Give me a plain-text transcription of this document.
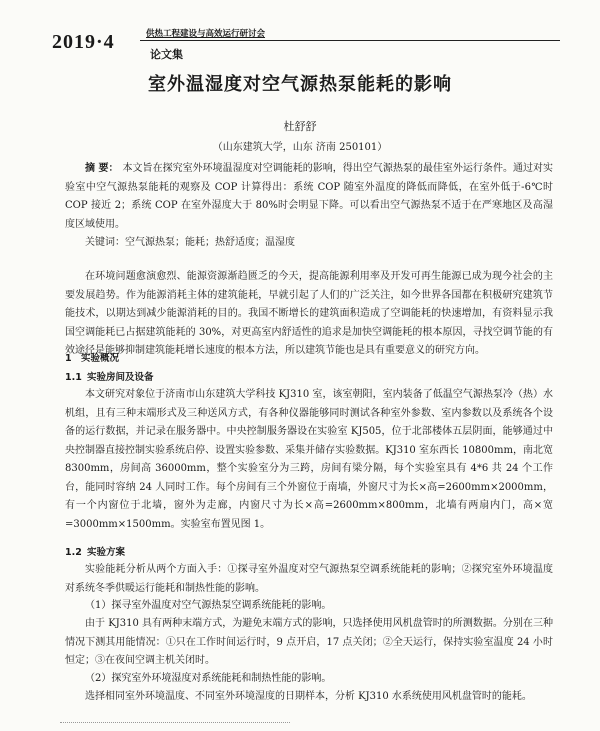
2019·4	供热工程建设与高效运行研讨会
论文集
室外温湿度对空气源热泵能耗的影响
杜舒舒
（山东建筑大学，山东 济南 250101）
摘 要： 本文旨在探究室外环境温湿度对空调能耗的影响，得出空气源热泵的最佳室外运行条件。通过对实验室中空气源热泵能耗的观察及 COP 计算得出：系统 COP 随室外温度的降低而降低，在室外低于-6℃时 COP 接近 2；系统 COP 在室外湿度大于 80%时会明显下降。可以看出空气源热泵不适于在严寒地区及高湿度区域使用。
关键词：空气源热泵；能耗；热舒适度；温湿度
在环境问题愈演愈烈、能源资源渐趋匮乏的今天，提高能源利用率及开发可再生能源已成为现今社会的主要发展趋势。作为能源消耗主体的建筑能耗，早就引起了人们的广泛关注，如今世界各国都在积极研究建筑节能技术，以期达到减少能源消耗的目的。我国不断增长的建筑面积造成了空调能耗的快速增加，有资料显示我国空调能耗已占据建筑能耗的 30%，对更高室内舒适性的追求是加快空调能耗的根本原因，寻找空调节能的有效途径是能够抑制建筑能耗增长速度的根本方法，所以建筑节能也是具有重要意义的研究方向。
1 实验概况
1.1 实验房间及设备
本文研究对象位于济南市山东建筑大学科技 KJ310 室，该室朝阳，室内装备了低温空气源热泵冷（热）水机组，且有三种末端形式及三种送风方式，有各种仪器能够同时测试各种室外参数、室内参数以及系统各个设备的运行数据，并记录在服务器中。中央控制服务器设在实验室 KJ505，位于北部楼体五层阴面，能够通过中央控制器直接控制实验系统启停、设置实验参数、采集并储存实验数据。KJ310 室东西长 10800mm，南北宽 8300mm，房间高 36000mm，整个实验室分为三跨，房间有梁分隔，每个实验室具有 4*6 共 24 个工作台，能同时容纳 24 人同时工作。每个房间有三个外窗位于南墙，外窗尺寸为长×高=2600mm×2000mm，有一个内窗位于北墙，窗外为走廊，内窗尺寸为长×高=2600mm×800mm，北墙有两扇内门，高×宽=3000mm×1500mm。实验室布置见图 1。
1.2 实验方案
实验能耗分析从两个方面入手：①探寻室外温度对空气源热泵空调系统能耗的影响；②探究室外环境温度对系统冬季供暖运行能耗和制热性能的影响。
（1）探寻室外温度对空气源热泵空调系统能耗的影响。
由于 KJ310 具有两种末端方式，为避免末端方式的影响，只选择使用风机盘管时的所测数据。分别在三种情况下测其用能情况：①只在工作时间运行时，9 点开启，17 点关闭；②全天运行，保持实验室温度 24 小时恒定；③在夜间空调主机关闭时。
（2）探究室外环境湿度对系统能耗和制热性能的影响。
选择相同室外环境温度、不同室外环境湿度的日期样本，分析 KJ310 水系统使用风机盘管时的能耗。
